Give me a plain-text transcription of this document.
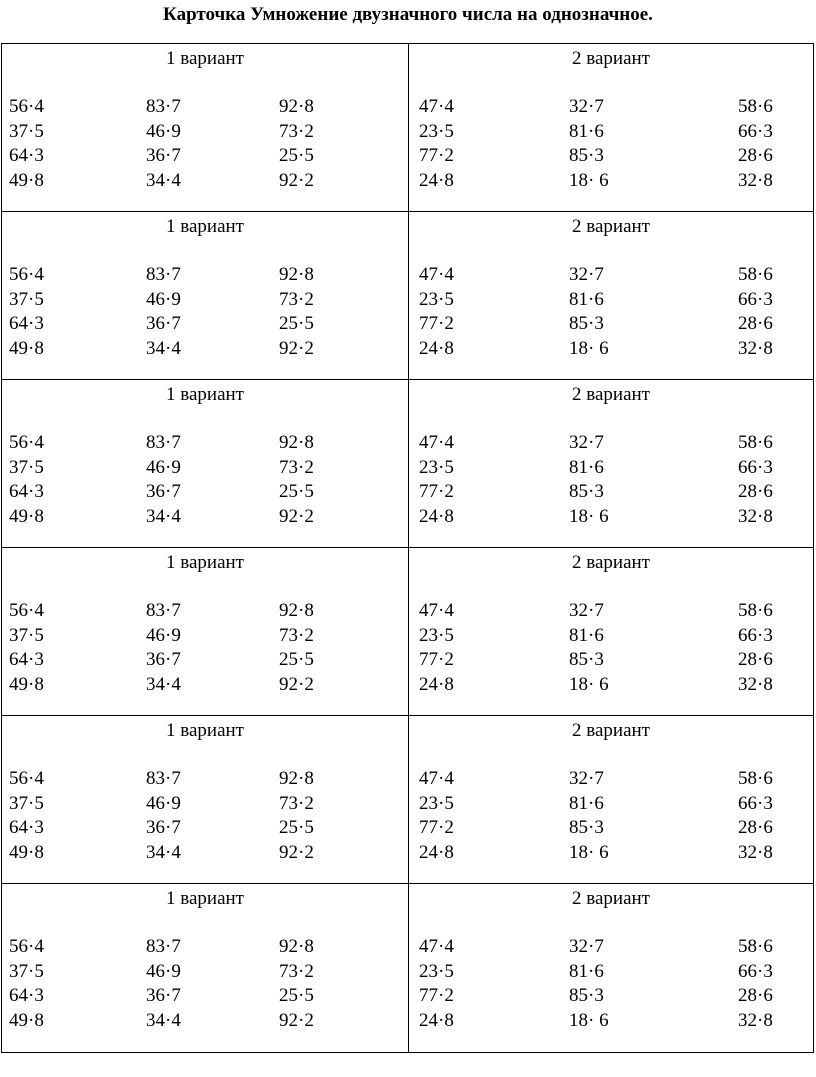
Карточка Умножение двузначного числа на однозначное.
1 вариант
56·4	83·7	92·8
37·5	46·9	73·2
64·3	36·7	25·5
49·8	34·4	92·2
2 вариант
47·4	32·7	58·6
23·5	81·6	66·3
77·2	85·3	28·6
24·8	18· 6	32·8
1 вариант
56·4	83·7	92·8
37·5	46·9	73·2
64·3	36·7	25·5
49·8	34·4	92·2
2 вариант
47·4	32·7	58·6
23·5	81·6	66·3
77·2	85·3	28·6
24·8	18· 6	32·8
1 вариант
56·4	83·7	92·8
37·5	46·9	73·2
64·3	36·7	25·5
49·8	34·4	92·2
2 вариант
47·4	32·7	58·6
23·5	81·6	66·3
77·2	85·3	28·6
24·8	18· 6	32·8
1 вариант
56·4	83·7	92·8
37·5	46·9	73·2
64·3	36·7	25·5
49·8	34·4	92·2
2 вариант
47·4	32·7	58·6
23·5	81·6	66·3
77·2	85·3	28·6
24·8	18· 6	32·8
1 вариант
56·4	83·7	92·8
37·5	46·9	73·2
64·3	36·7	25·5
49·8	34·4	92·2
2 вариант
47·4	32·7	58·6
23·5	81·6	66·3
77·2	85·3	28·6
24·8	18· 6	32·8
1 вариант
56·4	83·7	92·8
37·5	46·9	73·2
64·3	36·7	25·5
49·8	34·4	92·2
2 вариант
47·4	32·7	58·6
23·5	81·6	66·3
77·2	85·3	28·6
24·8	18· 6	32·8
